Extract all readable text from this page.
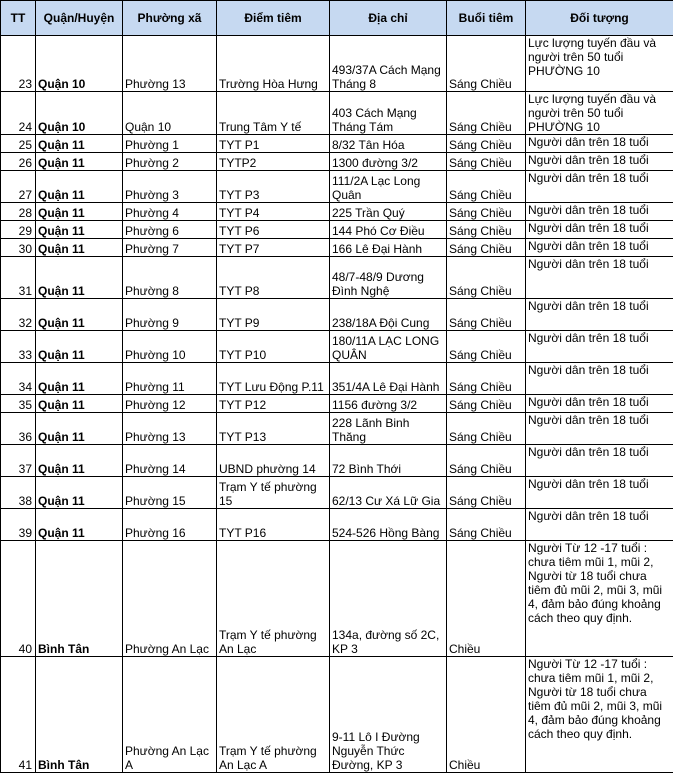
TT	Quận/Huyện	Phường xã	Điểm tiêm	Địa chỉ	Buổi tiêm	Đối tượng
23	Quận 10	Phường 13	Trường Hòa Hưng	493/37A Cách Mạng Tháng 8	Sáng Chiều	Lực lượng tuyến đầu và người trên 50 tuổi PHƯỜNG 10
24	Quận 10	Quận 10	Trung Tâm Y tế	403 Cách Mạng Tháng Tám	Sáng Chiều	Lực lượng tuyến đầu và người trên 50 tuổi PHƯỜNG 10
25	Quận 11	Phường 1	TYT P1	8/32 Tân Hóa	Sáng Chiều	Người dân trên 18 tuổi
26	Quận 11	Phường 2	TYTP2	1300 đường 3/2	Sáng Chiều	Người dân trên 18 tuổi
27	Quận 11	Phường 3	TYT P3	111/2A Lạc Long Quân	Sáng Chiều	Người dân trên 18 tuổi
28	Quận 11	Phường 4	TYT P4	225 Trần Quý	Sáng Chiều	Người dân trên 18 tuổi
29	Quận 11	Phường 6	TYT P6	144 Phó Cơ Điều	Sáng Chiều	Người dân trên 18 tuổi
30	Quận 11	Phường 7	TYT P7	166 Lê Đại Hành	Sáng Chiều	Người dân trên 18 tuổi
31	Quận 11	Phường 8	TYT P8	48/7-48/9 Dương Đình Nghệ	Sáng Chiều	Người dân trên 18 tuổi
32	Quận 11	Phường 9	TYT P9	238/18A Đội Cung	Sáng Chiều	Người dân trên 18 tuổi
33	Quận 11	Phường 10	TYT P10	180/11A LẠC LONG QUÂN	Sáng Chiều	Người dân trên 18 tuổi
34	Quận 11	Phường 11	TYT Lưu Động P.11	351/4A Lê Đại Hành	Sáng Chiều	Người dân trên 18 tuổi
35	Quận 11	Phường 12	TYT P12	1156 đường 3/2	Sáng Chiều	Người dân trên 18 tuổi
36	Quận 11	Phường 13	TYT P13	228 Lãnh Binh Thăng	Sáng Chiều	Người dân trên 18 tuổi
37	Quận 11	Phường 14	UBND phường 14	72 Bình Thới	Sáng Chiều	Người dân trên 18 tuổi
38	Quận 11	Phường 15	Trạm Y tế phường 15	62/13 Cư Xá Lữ Gia	Sáng Chiều	Người dân trên 18 tuổi
39	Quận 11	Phường 16	TYT P16	524-526 Hồng Bàng	Sáng Chiều	Người dân trên 18 tuổi
40	Bình Tân	Phường An Lạc	Trạm Y tế phường An Lạc	134a, đường số 2C, KP 3	Chiều	Người Từ 12 -17 tuổi : chưa tiêm mũi 1, mũi 2, Người từ 18 tuổi chưa tiêm đủ mũi 2, mũi 3, mũi 4, đảm bảo đúng khoảng cách theo quy định.
41	Bình Tân	Phường An Lạc A	Trạm Y tế phường An Lạc A	9-11 Lô I Đường Nguyễn Thức Đường, KP 3	Chiều	Người Từ 12 -17 tuổi : chưa tiêm mũi 1, mũi 2, Người từ 18 tuổi chưa tiêm đủ mũi 2, mũi 3, mũi 4, đảm bảo đúng khoảng cách theo quy định.
